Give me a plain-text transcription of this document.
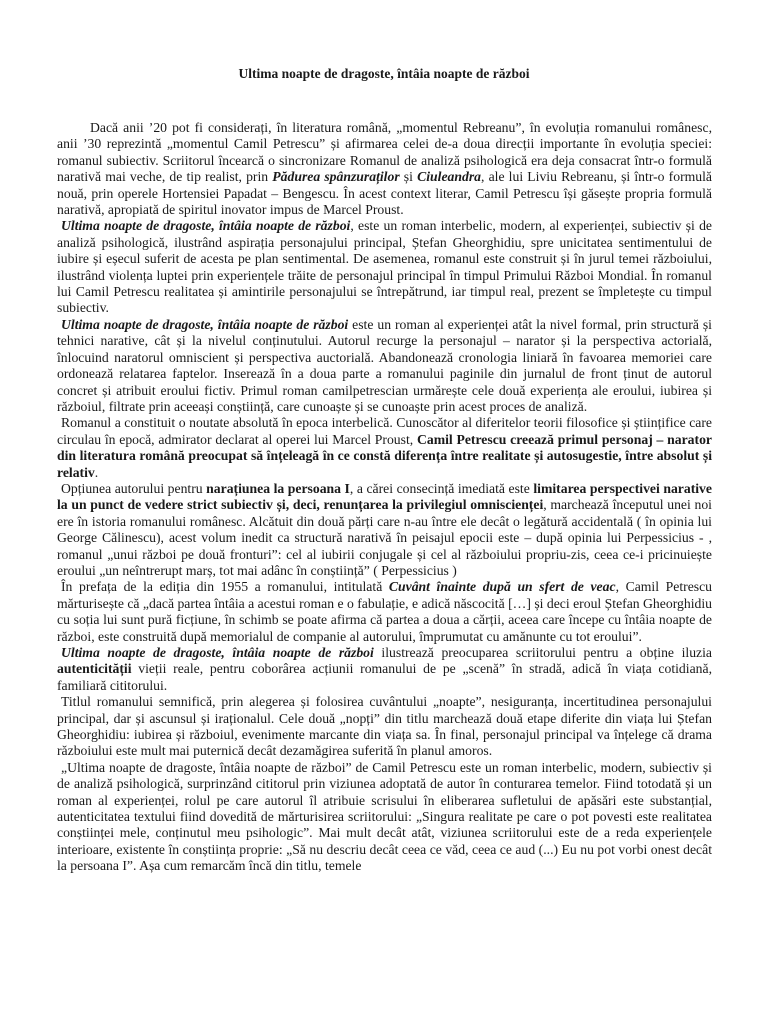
Ultima noapte de dragoste, întâia noapte de război

Dacă anii ’20 pot fi considerați, în literatura română, „momentul Rebreanu”, în evoluția romanului românesc, anii ’30 reprezintă „momentul Camil Petrescu” și afirmarea celei de-a doua direcții importante în evoluția speciei: romanul subiectiv. Scriitorul încearcă o sincronizare Romanul de analiză psihologică era deja consacrat într-o formulă narativă mai veche, de tip realist, prin Pădurea spânzuraților și Ciuleandra, ale lui Liviu Rebreanu, și într-o formulă nouă, prin operele Hortensiei Papadat – Bengescu. În acest context literar, Camil Petrescu își găsește propria formulă narativă, apropiată de spiritul inovator impus de Marcel Proust.

Ultima noapte de dragoste, întâia noapte de război, este un roman interbelic, modern, al experienței, subiectiv și de analiză psihologică, ilustrând aspirația personajului principal, Ștefan Gheorghidiu, spre unicitatea sentimentului de iubire și eșecul suferit de acesta pe plan sentimental. De asemenea, romanul este construit și în jurul temei războiului, ilustrând violența luptei prin experiențele trăite de personajul principal în timpul Primului Război Mondial. În romanul lui Camil Petrescu realitatea și amintirile personajului se întrepătrund, iar timpul real, prezent se împletește cu timpul subiectiv.

Ultima noapte de dragoste, întâia noapte de război este un roman al experienței atât la nivel formal, prin structură și tehnici narative, cât și la nivelul conținutului. Autorul recurge la personajul – narator și la perspectiva actorială, înlocuind naratorul omniscient și perspectiva auctorială. Abandonează cronologia liniară în favoarea memoriei care ordonează relatarea faptelor. Inserează în a doua parte a romanului paginile din jurnalul de front ținut de autorul concret și atribuit eroului fictiv. Primul roman camilpetrescian urmărește cele două experiența ale eroului, iubirea și războiul, filtrate prin aceeași conștiință, care cunoaște și se cunoaște prin acest proces de analiză.

Romanul a constituit o noutate absolută în epoca interbelică. Cunoscător al diferitelor teorii filosofice și științifice care circulau în epocă, admirator declarat al operei lui Marcel Proust, Camil Petrescu creează primul personaj – narator din literatura română preocupat să înțeleagă în ce constă diferența între realitate și autosugestie, între absolut și relativ.

Opțiunea autorului pentru narațiunea la persoana I, a cărei consecință imediată este limitarea perspectivei narative la un punct de vedere strict subiectiv și, deci, renunțarea la privilegiul omniscienței, marchează începutul unei noi ere în istoria romanului românesc. Alcătuit din două părți care n-au între ele decât o legătură accidentală ( în opinia lui George Călinescu), acest volum inedit ca structură narativă în peisajul epocii este – după opinia lui Perpessicius - , romanul „unui război pe două fronturi”: cel al iubirii conjugale și cel al războiului propriu-zis, ceea ce-i pricinuiește eroului „un neîntrerupt marș, tot mai adânc în conștiință” ( Perpessicius )

În prefața de la ediția din 1955 a romanului, intitulată Cuvânt înainte după un sfert de veac, Camil Petrescu mărturisește că „dacă partea întâia a acestui roman e o fabulație, e adică născocită […] și deci eroul Ștefan Gheorghidiu cu soția lui sunt pură ficțiune, în schimb se poate afirma că partea a doua a cărții, aceea care începe cu întâia noapte de război, este construită după memorialul de companie al autorului, împrumutat cu amănunte cu tot eroului”.

Ultima noapte de dragoste, întâia noapte de război ilustrează preocuparea scriitorului pentru a obține iluzia autenticității vieții reale, pentru coborârea acțiunii romanului de pe „scenă” în stradă, adică în viața cotidiană, familiară cititorului.

Titlul romanului semnifică, prin alegerea și folosirea cuvântului „noapte”, nesiguranța, incertitudinea personajului principal, dar și ascunsul și iraționalul. Cele două „nopți” din titlu marchează două etape diferite din viața lui Ștefan Gheorghidiu: iubirea și războiul, evenimente marcante din viața sa. În final, personajul principal va înțelege că drama războiului este mult mai puternică decât dezamăgirea suferită în planul amoros.

„Ultima noapte de dragoste, întâia noapte de război” de Camil Petrescu este un roman interbelic, modern, subiectiv și de analiză psihologică, surprinzând cititorul prin viziunea adoptată de autor în conturarea temelor. Fiind totodată și un roman al experienței, rolul pe care autorul îl atribuie scrisului în eliberarea sufletului de apăsări este substanțial, autenticitatea textului fiind dovedită de mărturisirea scriitorului: „Singura realitate pe care o pot povesti este realitatea conștiinței mele, conținutul meu psihologic”. Mai mult decât atât, viziunea scriitorului este de a reda experiențele interioare, existente în conștiința proprie: „Să nu descriu decât ceea ce văd, ceea ce aud (...) Eu nu pot vorbi onest decât la persoana I”. Așa cum remarcăm încă din titlu, temele
